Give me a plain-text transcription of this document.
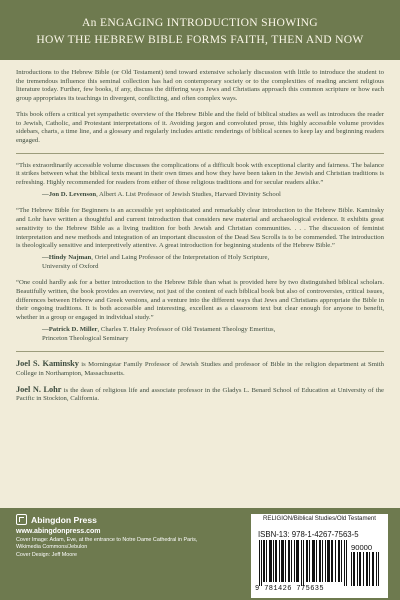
An ENGAGING INTRODUCTION SHOWING
HOW THE HEBREW BIBLE FORMS FAITH, THEN AND NOW

Introductions to the Hebrew Bible (or Old Testament) tend toward extensive scholarly discussion with little to introduce the student to the tremendous influence this seminal collection has had on contemporary society or to the complexities of reading ancient religious literature today. Further, few books, if any, discuss the differing ways Jews and Christians approach this common scripture or how each group appropriates its teachings in divergent, conflicting, and often complex ways.

This book offers a critical yet sympathetic overview of the Hebrew Bible and the field of biblical studies as well as introduces the reader to Jewish, Catholic, and Protestant interpretations of it. Avoiding jargon and convoluted prose, this highly accessible volume provides sidebars, charts, a time line, and a glossary and regularly includes artistic renderings of biblical scenes to keep lay and beginning readers engaged.

“This extraordinarily accessible volume discusses the complications of a difficult book with exceptional clarity and fairness. The balance it strikes between what the biblical texts meant in their own times and how they have been taken in the Jewish and Christian traditions is refreshing. Highly recommended for readers from either of those religious traditions and for secular readers alike.”

—Jon D. Levenson, Albert A. List Professor of Jewish Studies, Harvard Divinity School

“The Hebrew Bible for Beginners is an accessible yet sophisticated and remarkably clear introduction to the Hebrew Bible. Kaminsky and Lohr have written a thoughtful and current introduction that considers new material and archaeological evidence. It exhibits great sensitivity to the Hebrew Bible as a living tradition for both Jewish and Christian communities. . . . The discussion of feminist interpretation and new methods and integration of an important discussion of the Dead Sea Scrolls is to be commended. The introduction is theologically sensitive and interpretively attentive. A great introduction for beginning students of the Hebrew Bible.”

—Hindy Najman, Oriel and Laing Professor of the Interpretation of Holy Scripture,
University of Oxford

“One could hardly ask for a better introduction to the Hebrew Bible than what is provided here by two distinguished biblical scholars. Beautifully written, the book provides an overview, not just of the content of each biblical book but also of controversies, critical issues, differences between Hebrew and Greek versions, and a venture into the different ways that Jews and Christians appropriate the Bible in their ongoing traditions. It is both accessible and interesting, excellent as a classroom text but clear enough for anyone to benefit, whether in a group or engaged in individual study.”

—Patrick D. Miller, Charles T. Haley Professor of Old Testament Theology Emeritus,
Princeton Theological Seminary

Joel S. Kaminsky is Morningstar Family Professor of Jewish Studies and professor of Bible in the religion department at Smith College in Northampton, Massachusetts.

Joel N. Lohr is the dean of religious life and associate professor in the Gladys L. Benard School of Education at University of the Pacific in Stockton, California.

Abingdon Press
www.abingdonpress.com
Cover Image: Adam, Eve, at the entrance to Notre Dame Cathedral in Paris, Wikimedia Commons/Jebulon
Cover Design: Jeff Moore
RELIGION/Biblical Studies/Old Testament
ISBN-13: 978-1-4267-7563-5
90000
9 781426 775635
